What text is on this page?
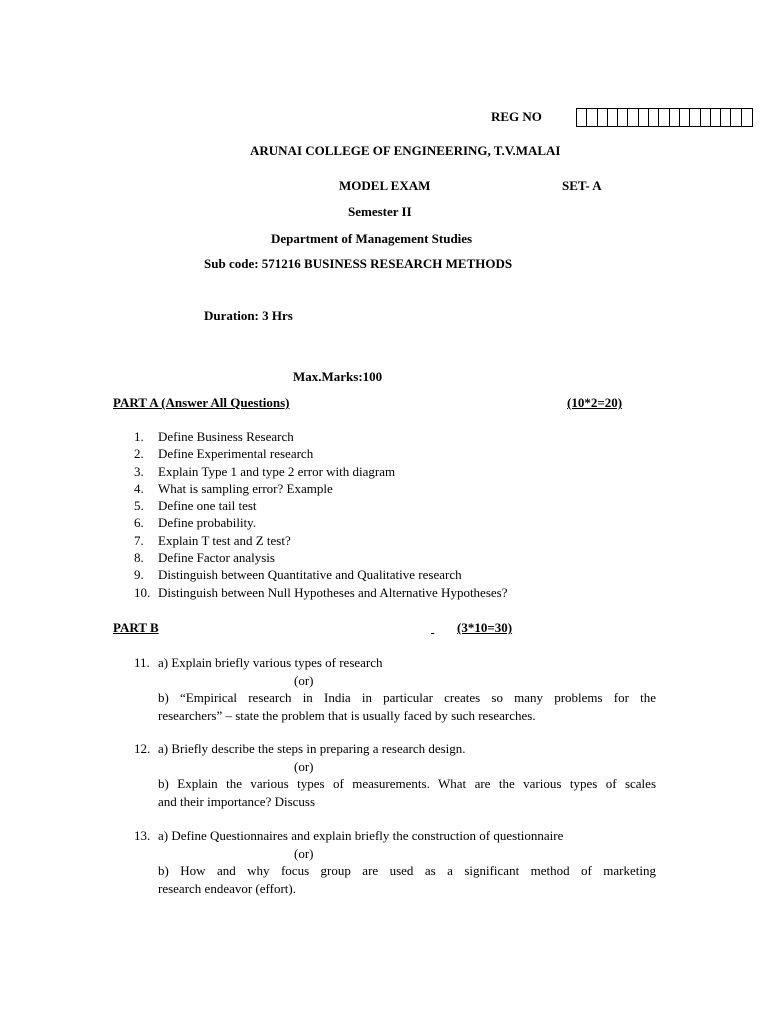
REG NO
ARUNAI COLLEGE OF ENGINEERING, T.V.MALAI
MODEL EXAM	SET- A
Semester II
Department of Management Studies
Sub code: 571216 BUSINESS RESEARCH METHODS
Duration: 3 Hrs
Max.Marks:100
PART A (Answer All Questions)	(10*2=20)
1. Define Business Research
2. Define Experimental research
3. Explain Type 1 and type 2 error with diagram
4. What is sampling error? Example
5. Define one tail test
6. Define probability.
7. Explain T test and Z test?
8. Define Factor analysis
9. Distinguish between Quantitative and Qualitative research
10. Distinguish between Null Hypotheses and Alternative Hypotheses?
PART B	(3*10=30)
11. a) Explain briefly various types of research
(or)
b) “Empirical research in India in particular creates so many problems for the
researchers” – state the problem that is usually faced by such researches.
12. a) Briefly describe the steps in preparing a research design.
(or)
b) Explain the various types of measurements. What are the various types of scales
and their importance? Discuss
13. a) Define Questionnaires and explain briefly the construction of questionnaire
(or)
b) How and why focus group are used as a significant method of marketing
research endeavor (effort).
